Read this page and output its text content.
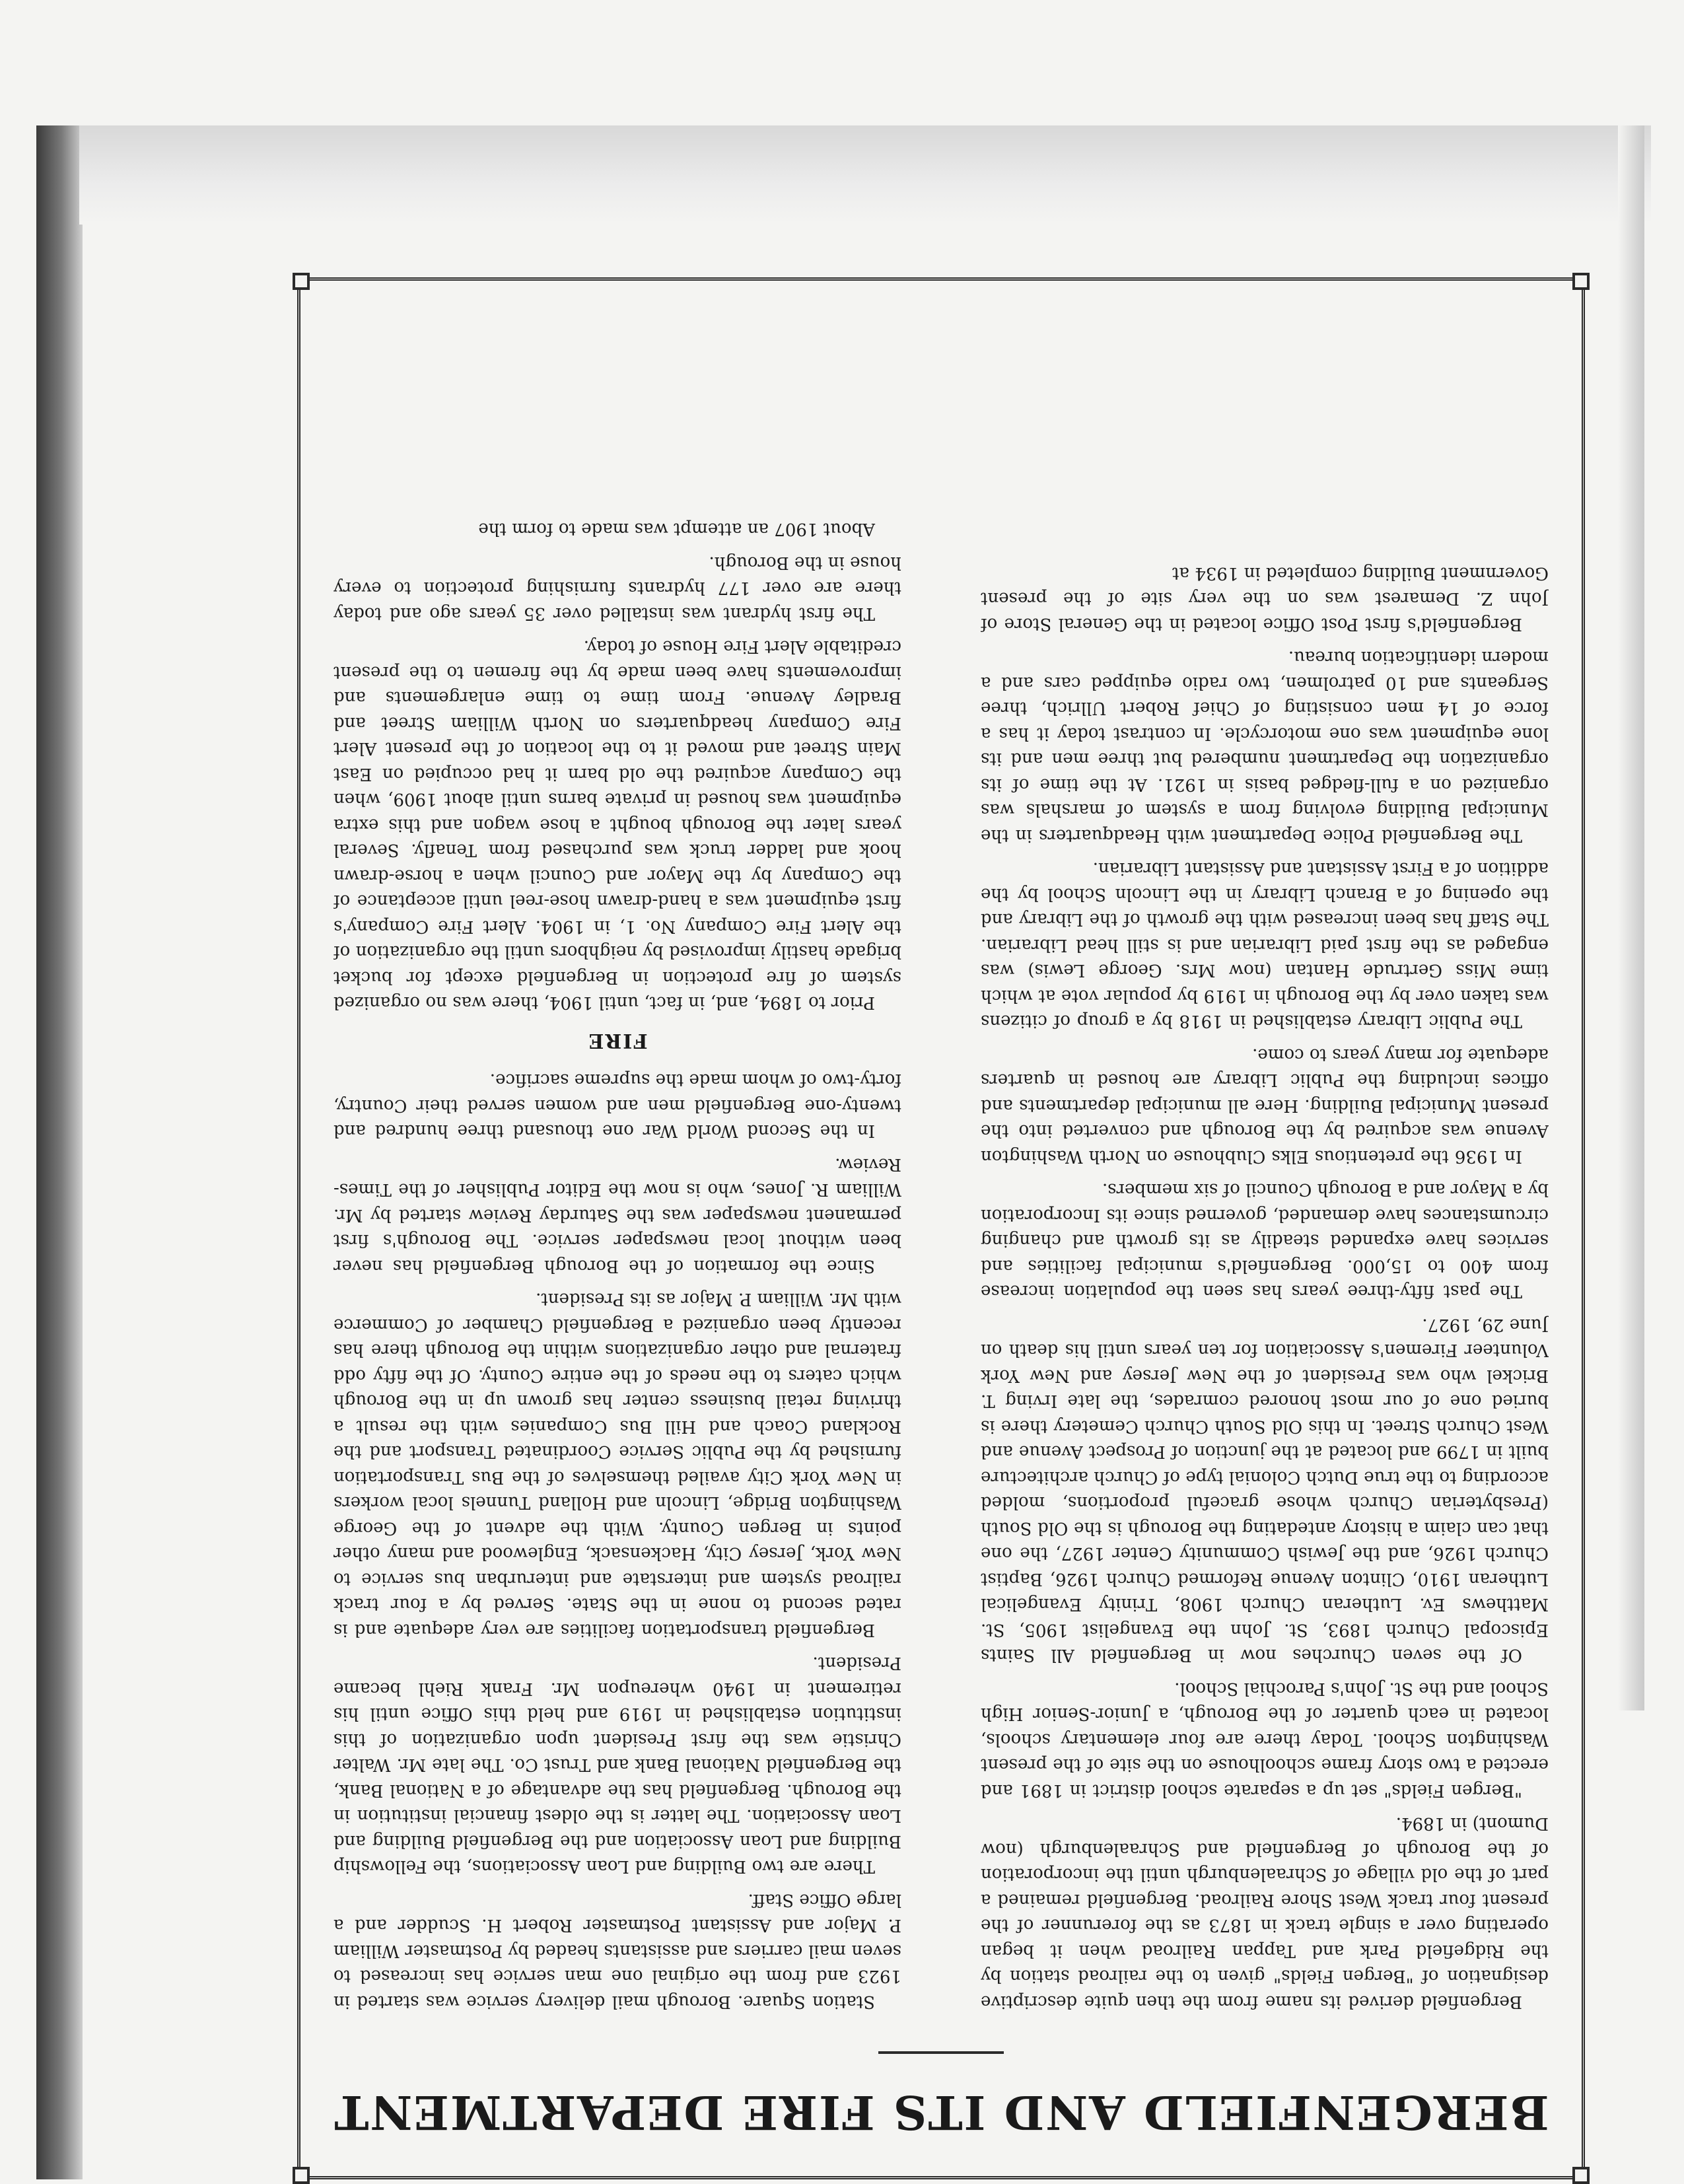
BERGENFIELD AND ITS FIRE DEPARTMENT

Bergenfield derived its name from the then quite descriptive designation of "Bergen Fields" given to the railroad station by the Ridgefield Park and Tappan Railroad when it began operating over a single track in 1873 as the forerunner of the present four track West Shore Railroad. Bergenfield remained a part of the old village of Schraalenburgh until the incorporation of the Borough of Bergenfield and Schraalenburgh (now Dumont) in 1894.

"Bergen Fields" set up a separate school district in 1891 and erected a two story frame schoolhouse on the site of the present Washington School. Today there are four elementary schools, located in each quarter of the Borough, a Junior-Senior High School and the St. John's Parochial School.

Of the seven Churches now in Bergenfield All Saints Episcopal Church 1893, St. John the Evangelist 1905, St. Matthews Ev. Lutheran Church 1908, Trinity Evangelical Lutheran 1910, Clinton Avenue Reformed Church 1926, Baptist Church 1926, and the Jewish Community Center 1927, the one that can claim a history antedating the Borough is the Old South (Presbyterian Church whose graceful proportions, molded according to the true Dutch Colonial type of Church architecture built in 1799 and located at the junction of Prospect Avenue and West Church Street. In this Old South Church Cemetery there is buried one of our most honored comrades, the late Irving T. Brickel who was President of the New Jersey and New York Volunteer Firemen's Association for ten years until his death on June 29, 1927.

The past fifty-three years has seen the population increase from 400 to 15,000. Bergenfield's municipal facilities and services have expanded steadily as its growth and changing circumstances have demanded, governed since its Incorporation by a Mayor and a Borough Council of six members.

In 1936 the pretentious Elks Clubhouse on North Washington Avenue was acquired by the Borough and converted into the present Municipal Building. Here all municipal departments and offices including the Public Library are housed in quarters adequate for many years to come.

The Public Library established in 1918 by a group of citizens was taken over by the Borough in 1919 by popular vote at which time Miss Gertrude Hantan (now Mrs. George Lewis) was engaged as the first paid Librarian and is still head Librarian. The Staff has been increased with the growth of the Library and the opening of a Branch Library in the Lincoln School by the addition of a First Assistant and Assistant Librarian.

The Bergenfield Police Department with Headquarters in the Municipal Building evolving from a system of marshals was organized on a full-fledged basis in 1921. At the time of its organization the Department numbered but three men and its lone equipment was one motorcycle. In contrast today it has a force of 14 men consisting of Chief Robert Ullrich, three Sergeants and 10 patrolmen, two radio equipped cars and a modern identification bureau.

Bergenfield's first Post Office located in the General Store of John Z. Demarest was on the very site of the present Government Building completed in 1934 at

Station Square. Borough mail delivery service was started in 1923 and from the original one man service has increased to seven mail carriers and assistants headed by Postmaster William P. Major and Assistant Postmaster Robert H. Scudder and a large Office Staff.

There are two Building and Loan Associations, the Fellowship Building and Loan Association and the Bergenfield Building and Loan Association. The latter is the oldest financial institution in the Borough. Bergenfield has the advantage of a National Bank, the Bergenfield National Bank and Trust Co. The late Mr. Walter Christie was the first President upon organization of this institution established in 1919 and held this Office until his retirement in 1940 whereupon Mr. Frank Riehl became President.

Bergenfield transportation facilities are very adequate and is rated second to none in the State. Served by a four track railroad system and interstate and interurban bus service to New York, Jersey City, Hackensack, Englewood and many other points in Bergen County. With the advent of the George Washington Bridge, Lincoln and Holland Tunnels local workers in New York City availed themselves of the Bus Transportation furnished by the Public Service Coordinated Transport and the Rockland Coach and Hill Bus Companies with the result a thriving retail business center has grown up in the Borough which caters to the needs of the entire County. Of the fifty odd fraternal and other organizations within the Borough there has recently been organized a Bergenfield Chamber of Commerce with Mr. William P. Major as its President.

Since the formation of the Borough Bergenfield has never been without local newspaper service. The Borough's first permanent newspaper was the Saturday Review started by Mr. William R. Jones, who is now the Editor Publisher of the Times-Review.

In the Second World War one thousand three hundred and twenty-one Bergenfield men and women served their Country, forty-two of whom made the supreme sacrifice.

FIRE

Prior to 1894, and, in fact, until 1904, there was no organized system of fire protection in Bergenfield except for bucket brigade hastily improvised by neighbors until the organization of the Alert Fire Company No. 1, in 1904. Alert Fire Company's first equipment was a hand-drawn hose-reel until acceptance of the Company by the Mayor and Council when a horse-drawn hook and ladder truck was purchased from Tenafly. Several years later the Borough bought a hose wagon and this extra equipment was housed in private barns until about 1909, when the Company acquired the old barn it had occupied on East Main Street and moved it to the location of the present Alert Fire Company headquarters on North William Street and Bradley Avenue. From time to time enlargements and improvements have been made by the firemen to the present creditable Alert Fire House of today.

The first hydrant was installed over 35 years ago and today there are over 177 hydrants furnishing protection to every house in the Borough.

About 1907 an attempt was made to form the
